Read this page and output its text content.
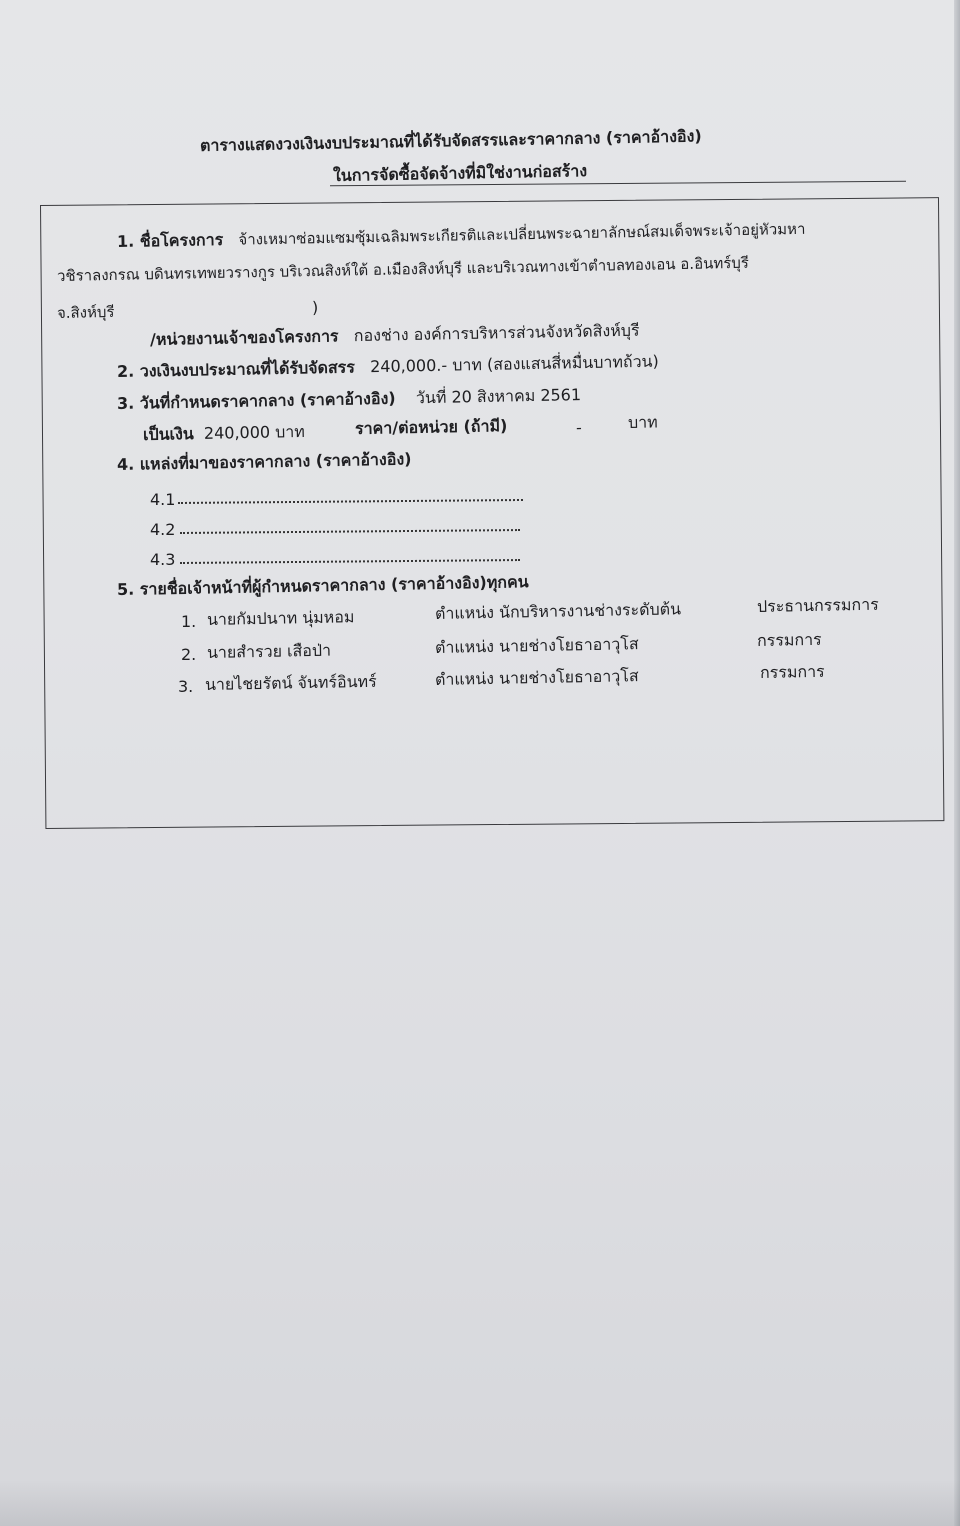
ตารางแสดงวงเงินงบประมาณที่ได้รับจัดสรรและราคากลาง (ราคาอ้างอิง)
ในการจัดซื้อจัดจ้างที่มิใช่งานก่อสร้าง
1. ชื่อโครงการ จ้างเหมาซ่อมแซมซุ้มเฉลิมพระเกียรติและเปลี่ยนพระฉายาลักษณ์สมเด็จพระเจ้าอยู่หัวมหา
วชิราลงกรณ บดินทรเทพยวรางกูร บริเวณสิงห์ใต้ อ.เมืองสิงห์บุรี และบริเวณทางเข้าตำบลทองเอน อ.อินทร์บุรี
จ.สิงห์บุรี	)
/หน่วยงานเจ้าของโครงการ กองช่าง องค์การบริหารส่วนจังหวัดสิงห์บุรี
2. วงเงินงบประมาณที่ได้รับจัดสรร 240,000.- บาท (สองแสนสี่หมื่นบาทถ้วน)
3. วันที่กำหนดราคากลาง (ราคาอ้างอิง) วันที่ 20 สิงหาคม 2561
เป็นเงิน 240,000 บาท	ราคา/ต่อหน่วย (ถ้ามี)	-	บาท
4. แหล่งที่มาของราคากลาง (ราคาอ้างอิง)
4.1
4.2
4.3
5. รายชื่อเจ้าหน้าที่ผู้กำหนดราคากลาง (ราคาอ้างอิง)ทุกคน
1. นายกัมปนาท นุ่มหอม	ตำแหน่ง นักบริหารงานช่างระดับต้น	ประธานกรรมการ
2. นายสำรวย เสือป่า	ตำแหน่ง นายช่างโยธาอาวุโส	กรรมการ
3. นายไชยรัตน์ จันทร์อินทร์	ตำแหน่ง นายช่างโยธาอาวุโส	กรรมการ
